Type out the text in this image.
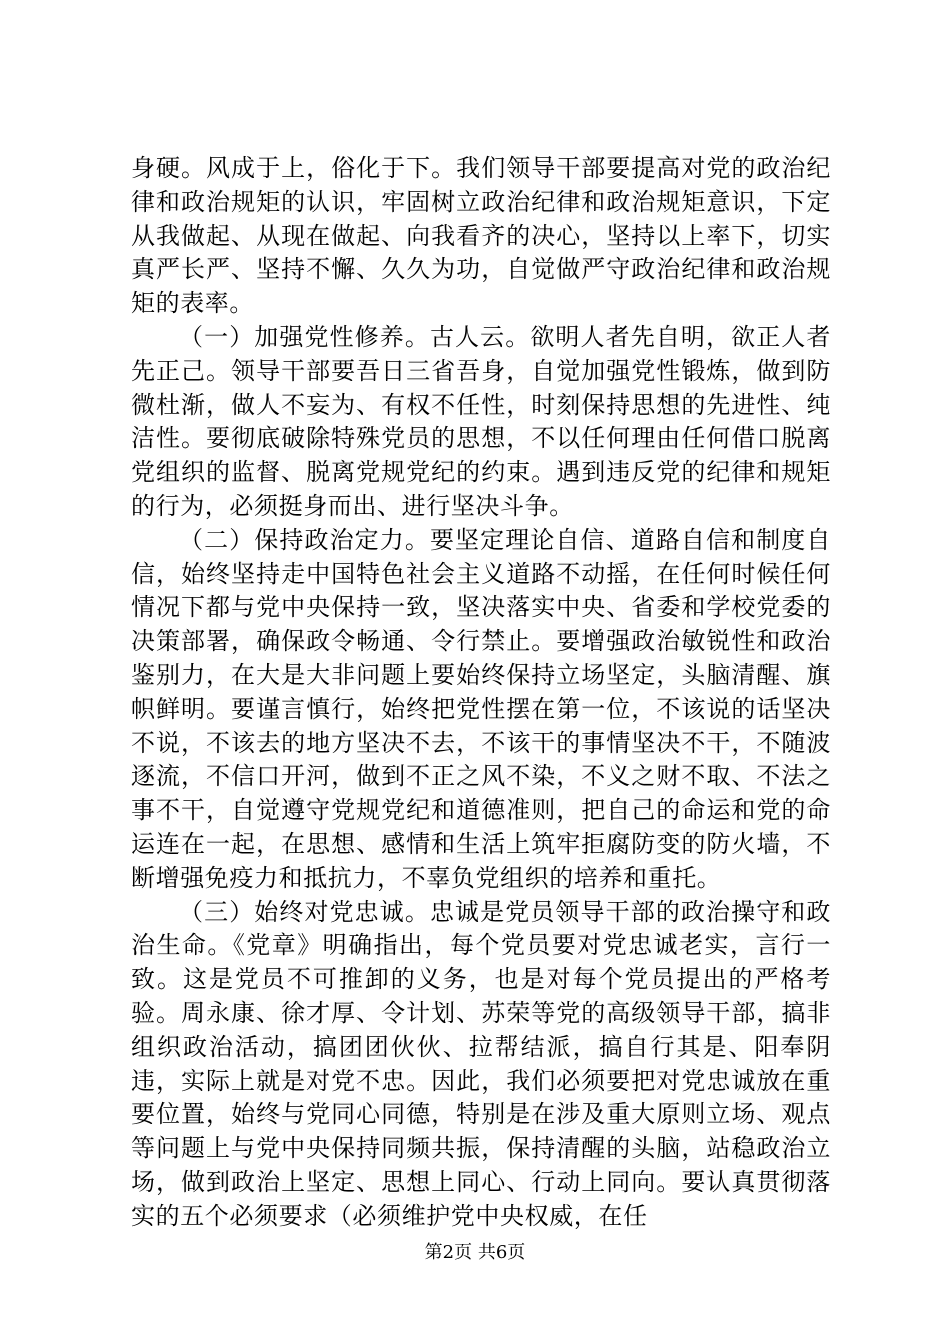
身硬。风成于上，俗化于下。我们领导干部要提高对党的政治纪律和政治规矩的认识，牢固树立政治纪律和政治规矩意识，下定从我做起、从现在做起、向我看齐的决心，坚持以上率下，切实真严长严、坚持不懈、久久为功，自觉做严守政治纪律和政治规矩的表率。

（一）加强党性修养。古人云。欲明人者先自明，欲正人者先正己。领导干部要吾日三省吾身，自觉加强党性锻炼，做到防微杜渐，做人不妄为、有权不任性，时刻保持思想的先进性、纯洁性。要彻底破除特殊党员的思想，不以任何理由任何借口脱离党组织的监督、脱离党规党纪的约束。遇到违反党的纪律和规矩的行为，必须挺身而出、进行坚决斗争。

（二）保持政治定力。要坚定理论自信、道路自信和制度自信，始终坚持走中国特色社会主义道路不动摇，在任何时候任何情况下都与党中央保持一致，坚决落实中央、省委和学校党委的决策部署，确保政令畅通、令行禁止。要增强政治敏锐性和政治鉴别力，在大是大非问题上要始终保持立场坚定，头脑清醒、旗帜鲜明。要谨言慎行，始终把党性摆在第一位，不该说的话坚决不说，不该去的地方坚决不去，不该干的事情坚决不干，不随波逐流，不信口开河，做到不正之风不染，不义之财不取、不法之事不干，自觉遵守党规党纪和道德准则，把自己的命运和党的命运连在一起，在思想、感情和生活上筑牢拒腐防变的防火墙，不断增强免疫力和抵抗力，不辜负党组织的培养和重托。

（三）始终对党忠诚。忠诚是党员领导干部的政治操守和政治生命。《党章》明确指出，每个党员要对党忠诚老实，言行一致。这是党员不可推卸的义务，也是对每个党员提出的严格考验。周永康、徐才厚、令计划、苏荣等党的高级领导干部，搞非组织政治活动，搞团团伙伙、拉帮结派，搞自行其是、阳奉阴违，实际上就是对党不忠。因此，我们必须要把对党忠诚放在重要位置，始终与党同心同德，特别是在涉及重大原则立场、观点等问题上与党中央保持同频共振，保持清醒的头脑，站稳政治立场，做到政治上坚定、思想上同心、行动上同向。要认真贯彻落实的五个必须要求（必须维护党中央权威，在任

第2页 共6页
